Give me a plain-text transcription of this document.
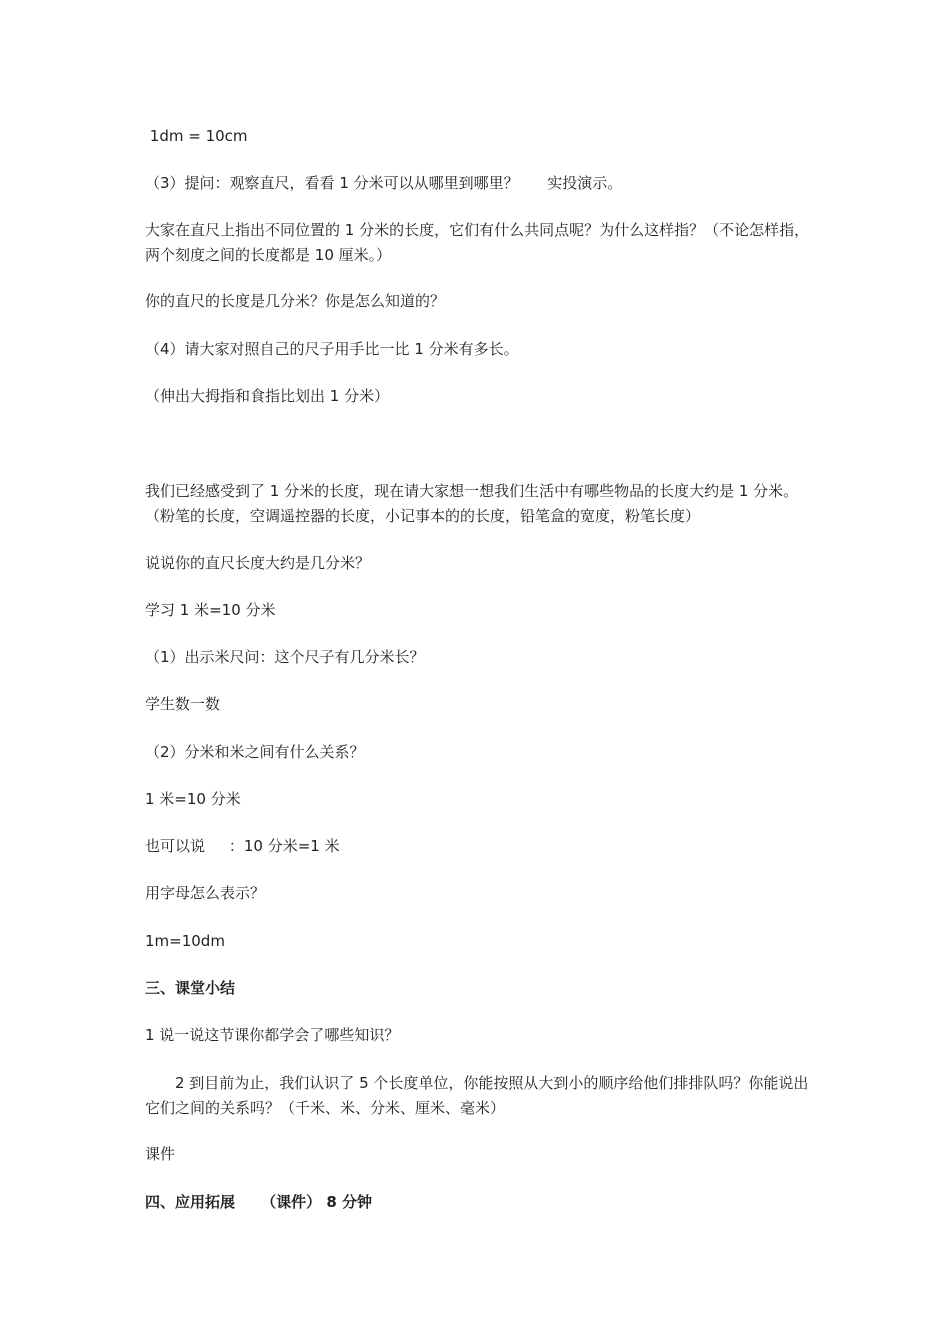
1dm = 10cm
（3）提问：观察直尺，看看 1 分米可以从哪里到哪里？      实投演示。
大家在直尺上指出不同位置的 1 分米的长度，它们有什么共同点呢？为什么这样指？（不论怎样指，两个刻度之间的长度都是 10 厘米。）
你的直尺的长度是几分米？你是怎么知道的？
（4）请大家对照自己的尺子用手比一比 1 分米有多长。
（伸出大拇指和食指比划出 1 分米）
我们已经感受到了 1 分米的长度，现在请大家想一想我们生活中有哪些物品的长度大约是 1 分米。（粉笔的长度，空调遥控器的长度，小记事本的的长度，铅笔盒的宽度，粉笔长度）
说说你的直尺长度大约是几分米？
学习 1 米=10 分米
（1）出示米尺问：这个尺子有几分米长？
学生数一数
（2）分米和米之间有什么关系？
1 米=10 分米
也可以说     ：10 分米=1 米
用字母怎么表示？
1m=10dm
三、课堂小结
1 说一说这节课你都学会了哪些知识？
2 到目前为止，我们认识了 5 个长度单位，你能按照从大到小的顺序给他们排排队吗？你能说出它们之间的关系吗？（千米、米、分米、厘米、毫米）
课件
四、应用拓展     （课件） 8 分钟
